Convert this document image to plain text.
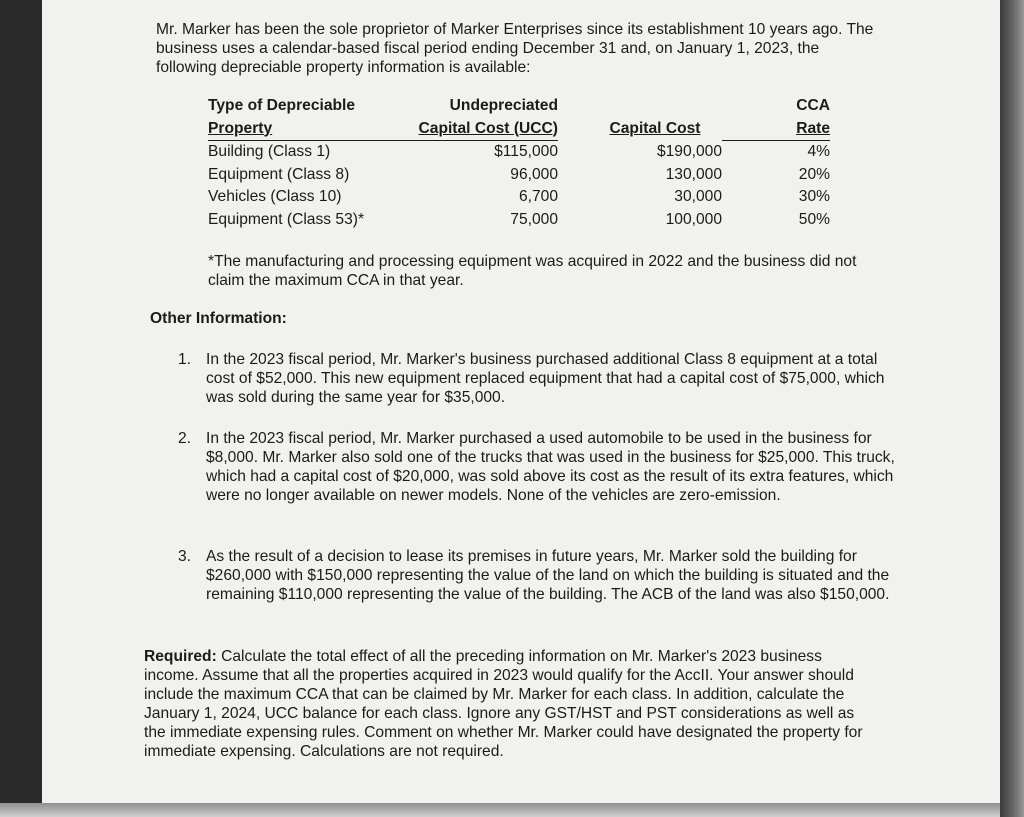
Mr. Marker has been the sole proprietor of Marker Enterprises since its establishment 10 years ago. The business uses a calendar-based fiscal period ending December 31 and, on January 1, 2023, the following depreciable property information is available:
Type of Depreciable	Undepreciated		CCA

Property	Capital Cost (UCC)	Capital Cost	Rate
Building (Class 1)	$115,000	$190,000	4%
Equipment (Class 8)	96,000	130,000	20%
Vehicles (Class 10)	6,700	30,000	30%
Equipment (Class 53)*	75,000	100,000	50%
*The manufacturing and processing equipment was acquired in 2022 and the business did not claim the maximum CCA in that year.
Other Information:
1. In the 2023 fiscal period, Mr. Marker's business purchased additional Class 8 equipment at a total cost of $52,000. This new equipment replaced equipment that had a capital cost of $75,000, which was sold during the same year for $35,000.
2. In the 2023 fiscal period, Mr. Marker purchased a used automobile to be used in the business for $8,000. Mr. Marker also sold one of the trucks that was used in the business for $25,000. This truck, which had a capital cost of $20,000, was sold above its cost as the result of its extra features, which were no longer available on newer models. None of the vehicles are zero-emission.
3. As the result of a decision to lease its premises in future years, Mr. Marker sold the building for $260,000 with $150,000 representing the value of the land on which the building is situated and the remaining $110,000 representing the value of the building. The ACB of the land was also $150,000.
Required: Calculate the total effect of all the preceding information on Mr. Marker's 2023 business income. Assume that all the properties acquired in 2023 would qualify for the AccII. Your answer should include the maximum CCA that can be claimed by Mr. Marker for each class. In addition, calculate the January 1, 2024, UCC balance for each class. Ignore any GST/HST and PST considerations as well as the immediate expensing rules. Comment on whether Mr. Marker could have designated the property for immediate expensing. Calculations are not required.
